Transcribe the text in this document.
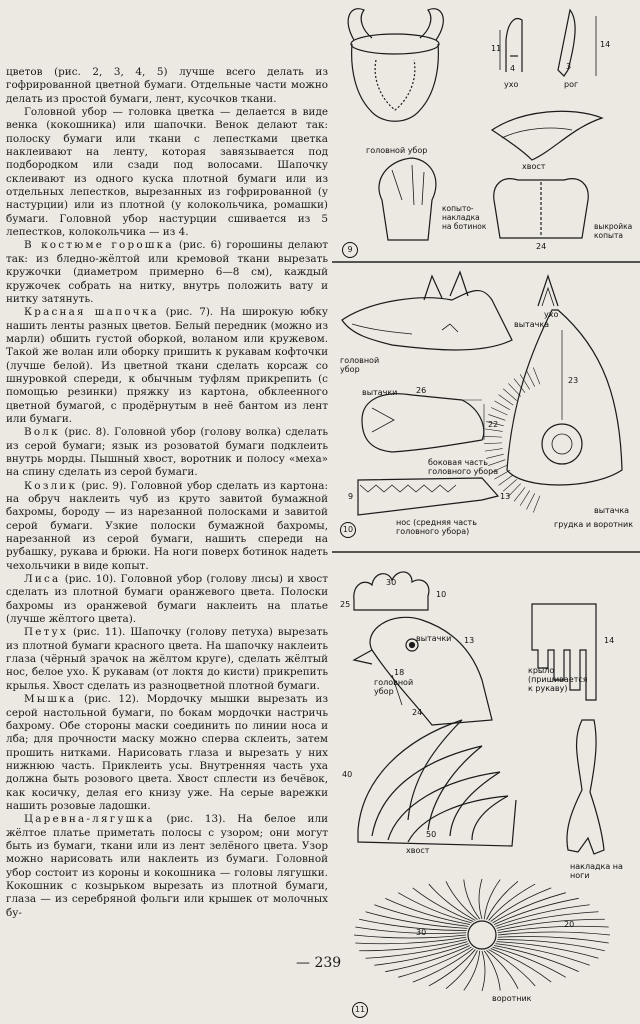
цветов (рис. 2, 3, 4, 5) лучше всего делать из гофрированной цветной бумаги. Отдельные части можно делать из простой бумаги, лент, кусочков ткани.

Головной убор — головка цветка — делается в виде венка (кокошника) или шапочки. Венок делают так: полоску бумаги или ткани с лепестками цветка наклеивают на ленту, которая завязывается под подбородком или сзади под волосами. Шапочку склеивают из одного куска плотной бумаги или из отдельных лепестков, вырезанных из гофрированной (у настурции) или из плотной (у колокольчика, ромашки) бумаги. Головной убор настурции сшивается из 5 лепестков, колокольчика — из 4.

В костюме горошка (рис. 6) горошины делают так: из бледно-жёлтой или кремовой ткани вырезать кружочки (диаметром примерно 6—8 см), каждый кружочек собрать на нитку, внутрь положить вату и нитку затянуть.

Красная шапочка (рис. 7). На широкую юбку нашить ленты разных цветов. Белый передник (можно из марли) обшить густой оборкой, воланом или кружевом. Такой же волан или оборку пришить к рукавам кофточки (лучше белой). Из цветной ткани сделать корсаж со шнуровкой спереди, к обычным туфлям прикрепить (с помощью резинки) пряжку из картона, обклеенного цветной бумагой, с продёрнутым в неё бантом из лент или бумаги.

Волк (рис. 8). Головной убор (голову волка) сделать из серой бумаги; язык из розоватой бумаги подклеить внутрь морды. Пышный хвост, воротник и полосу «меха» на спину сделать из серой бумаги.

Козлик (рис. 9). Головной убор сделать из картона: на обруч наклеить чуб из круто завитой бумажной бахромы, бороду — из нарезанной полосками и завитой серой бумаги. Узкие полоски бумажной бахромы, нарезанной из серой бумаги, нашить спереди на рубашку, рукава и брюки. На ноги поверх ботинок надеть чехольчики в виде копыт.

Лиса (рис. 10). Головной убор (голову лисы) и хвост сделать из плотной бумаги оранжевого цвета. Полоски бахромы из оранжевой бумаги наклеить на платье (лучше жёлтого цвета).

Петух (рис. 11). Шапочку (голову петуха) вырезать из плотной бумаги красного цвета. На шапочку наклеить глаза (чёрный зрачок на жёлтом круге), сделать жёлтый нос, белое ухо. К рукавам (от локтя до кисти) прикрепить крылья. Хвост сделать из разноцветной плотной бумаги.

Мышка (рис. 12). Мордочку мышки вырезать из серой настольной бумаги, по бокам мордочки настричь бахрому. Обе стороны маски соединить по линии носа и лба; для прочности маску можно сперва склеить, затем прошить нитками. Нарисовать глаза и вырезать у них нижнюю часть. Приклеить усы. Внутренняя часть уха должна быть розового цвета. Хвост сплести из бечёвок, как косичку, делая его книзу уже. На серые варежки нашить розовые ладошки.

Царевна-лягушка (рис. 13). На белое или жёлтое платье приметать полосы с узором; они могут быть из бумаги, ткани или из лент зелёного цвета. Узор можно нарисовать или наклеить из бумаги. Головной убор состоит из короны и кокошника — головы лягушки. Кокошник с козырьком вырезать из плотной бумаги, глаза — из серебряной фольги или крышек от молочных бу-

— 239
9
головной убор
ухо	рог
хвост
копыто-
накладка
на ботинок	выкройка
копыта
11	14
3
4
24
10
головной
убор
вытачка
ухо
вытачки
боковая часть
головного убора
нос (средняя часть
головного убора)
вытачка
грудка и воротник
26
22
23
9	13
11
вытачки
головной
убор
крыло
(пришивается
к рукаву)
хвост
накладка на
ноги
воротник
30
10
25
18
13
24
14
40
50
30
20
